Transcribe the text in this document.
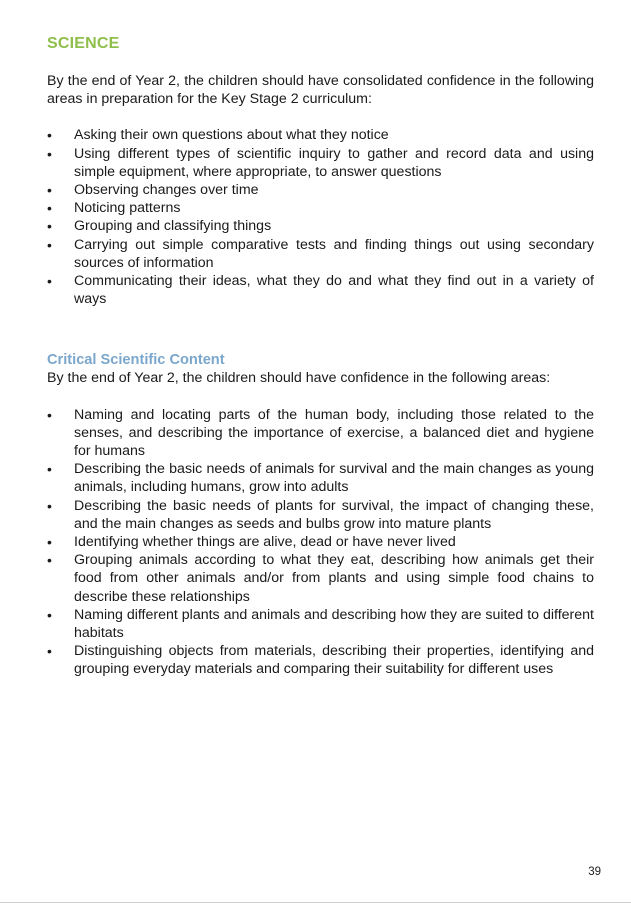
SCIENCE

By the end of Year 2, the children should have consolidated confidence in the following areas in preparation for the Key Stage 2 curriculum:

•	Asking their own questions about what they notice
•	Using different types of scientific inquiry to gather and record data and using simple equipment, where appropriate, to answer questions
•	Observing changes over time
•	Noticing patterns
•	Grouping and classifying things
•	Carrying out simple comparative tests and finding things out using secondary sources of information
•	Communicating their ideas, what they do and what they find out in a variety of ways
Critical Scientific Content

By the end of Year 2, the children should have confidence in the following areas:

•	Naming and locating parts of the human body, including those related to the senses, and describing the importance of exercise, a balanced diet and hygiene for humans
•	Describing the basic needs of animals for survival and the main changes as young animals, including humans, grow into adults
•	Describing the basic needs of plants for survival, the impact of changing these, and the main changes as seeds and bulbs grow into mature plants
•	Identifying whether things are alive, dead or have never lived
•	Grouping animals according to what they eat, describing how animals get their food from other animals and/or from plants and using simple food chains to describe these relationships
•	Naming different plants and animals and describing how they are suited to different habitats
•	Distinguishing objects from materials, describing their properties, identifying and grouping everyday materials and comparing their suitability for different uses
39
